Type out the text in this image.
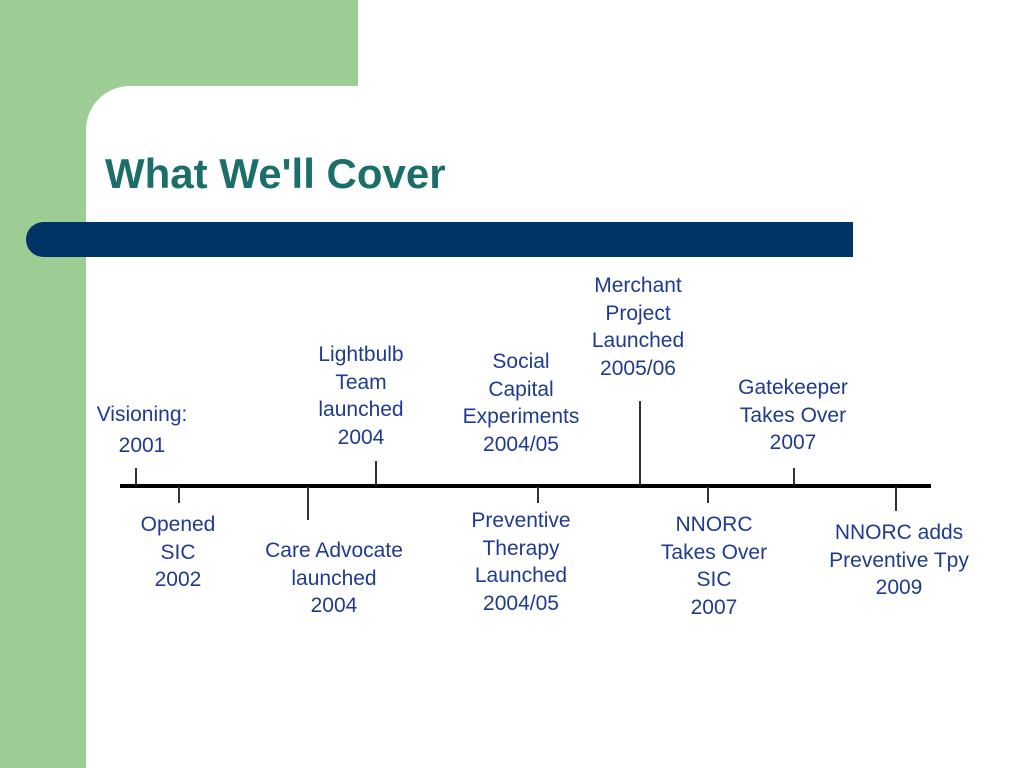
What We'll Cover
Visioning:
2001
Lightbulb
Team
launched
2004
Social
Capital
Experiments
2004/05
Merchant
Project
Launched
2005/06
Gatekeeper
Takes Over
2007
Opened
SIC
2002
Care Advocate
launched
2004
Preventive
Therapy
Launched
2004/05
NNORC
Takes Over
SIC
2007
NNORC adds
Preventive Tpy
2009
